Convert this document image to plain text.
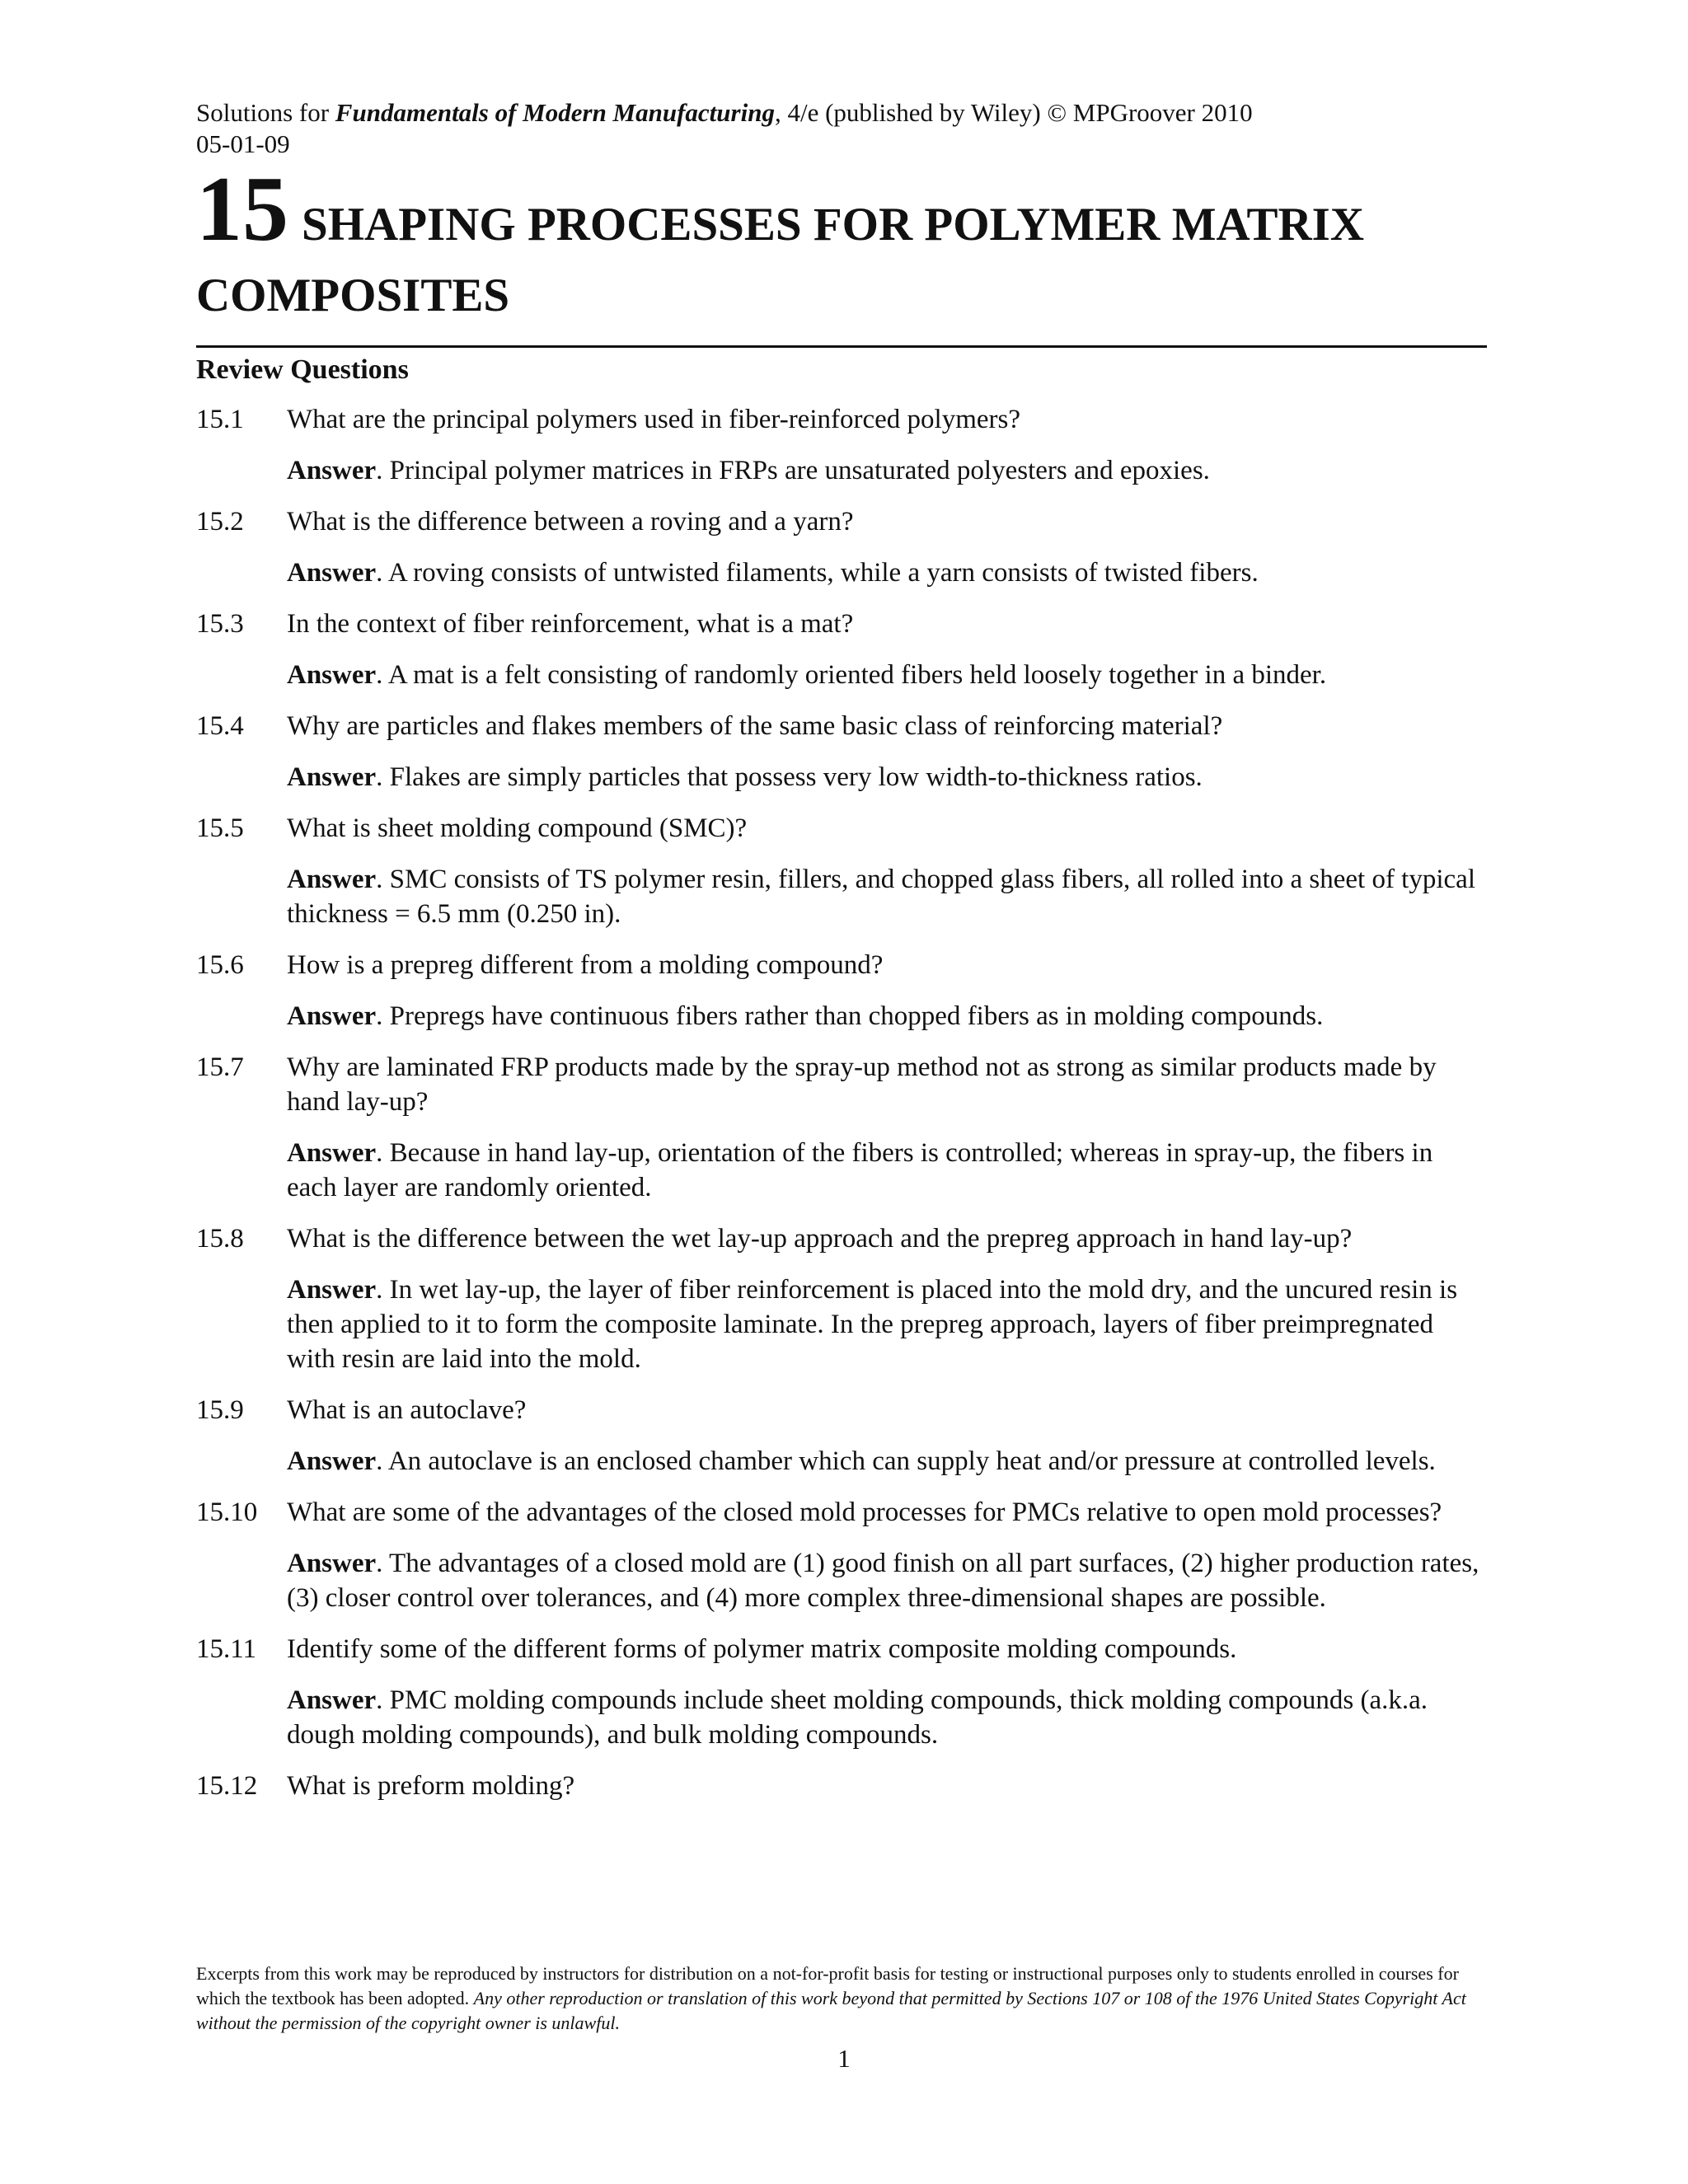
Solutions for Fundamentals of Modern Manufacturing, 4/e (published by Wiley) © MPGroover 2010
05-01-09
15 SHAPING PROCESSES FOR POLYMER MATRIX COMPOSITES
Review Questions
15.1 What are the principal polymers used in fiber-reinforced polymers?
Answer. Principal polymer matrices in FRPs are unsaturated polyesters and epoxies.
15.2 What is the difference between a roving and a yarn?
Answer. A roving consists of untwisted filaments, while a yarn consists of twisted fibers.
15.3 In the context of fiber reinforcement, what is a mat?
Answer. A mat is a felt consisting of randomly oriented fibers held loosely together in a binder.
15.4 Why are particles and flakes members of the same basic class of reinforcing material?
Answer. Flakes are simply particles that possess very low width-to-thickness ratios.
15.5 What is sheet molding compound (SMC)?
Answer. SMC consists of TS polymer resin, fillers, and chopped glass fibers, all rolled into a sheet of typical thickness = 6.5 mm (0.250 in).
15.6 How is a prepreg different from a molding compound?
Answer. Prepregs have continuous fibers rather than chopped fibers as in molding compounds.
15.7 Why are laminated FRP products made by the spray-up method not as strong as similar products made by hand lay-up?
Answer. Because in hand lay-up, orientation of the fibers is controlled; whereas in spray-up, the fibers in each layer are randomly oriented.
15.8 What is the difference between the wet lay-up approach and the prepreg approach in hand lay-up?
Answer. In wet lay-up, the layer of fiber reinforcement is placed into the mold dry, and the uncured resin is then applied to it to form the composite laminate. In the prepreg approach, layers of fiber preimpregnated with resin are laid into the mold.
15.9 What is an autoclave?
Answer. An autoclave is an enclosed chamber which can supply heat and/or pressure at controlled levels.
15.10 What are some of the advantages of the closed mold processes for PMCs relative to open mold processes?
Answer. The advantages of a closed mold are (1) good finish on all part surfaces, (2) higher production rates, (3) closer control over tolerances, and (4) more complex three-dimensional shapes are possible.
15.11 Identify some of the different forms of polymer matrix composite molding compounds.
Answer. PMC molding compounds include sheet molding compounds, thick molding compounds (a.k.a. dough molding compounds), and bulk molding compounds.
15.12 What is preform molding?
Excerpts from this work may be reproduced by instructors for distribution on a not-for-profit basis for testing or instructional purposes only to students enrolled in courses for which the textbook has been adopted. Any other reproduction or translation of this work beyond that permitted by Sections 107 or 108 of the 1976 United States Copyright Act without the permission of the copyright owner is unlawful.
1
